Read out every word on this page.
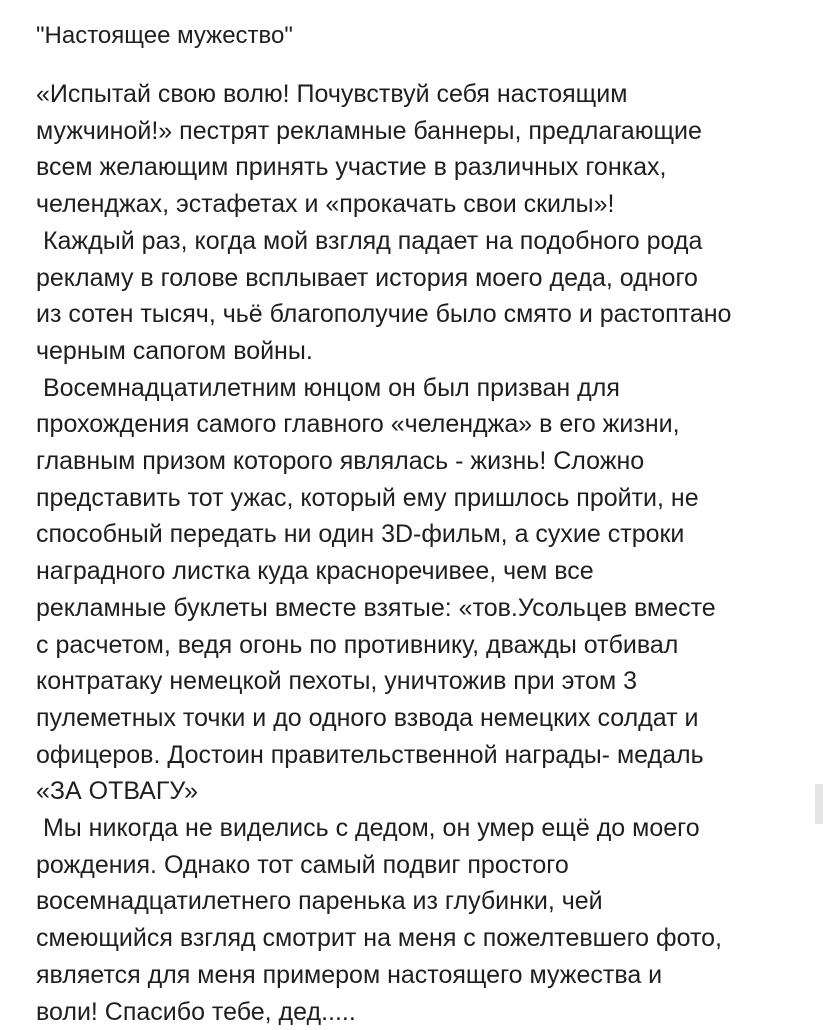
"Настоящее мужество"
«Испытай свою волю! Почувствуй себя настоящим
мужчиной!» пестрят рекламные баннеры, предлагающие
всем желающим принять участие в различных гонках,
челенджах, эстафетах и «прокачать свои скилы»!
Каждый раз, когда мой взгляд падает на подобного рода
рекламу в голове всплывает история моего деда, одного
из сотен тысяч, чьё благополучие было смято и растоптано
черным сапогом войны.
Восемнадцатилетним юнцом он был призван для
прохождения самого главного «челенджа» в его жизни,
главным призом которого являлась - жизнь! Сложно
представить тот ужас, который ему пришлось пройти, не
способный передать ни один 3D-фильм, а сухие строки
наградного листка куда красноречивее, чем все
рекламные буклеты вместе взятые: «тов.Усольцев вместе
с расчетом, ведя огонь по противнику, дважды отбивал
контратаку немецкой пехоты, уничтожив при этом 3
пулеметных точки и до одного взвода немецких солдат и
офицеров. Достоин правительственной награды- медаль
«ЗА ОТВАГУ»
Мы никогда не виделись с дедом, он умер ещё до моего
рождения. Однако тот самый подвиг простого
восемнадцатилетнего паренька из глубинки, чей
смеющийся взгляд смотрит на меня с пожелтевшего фото,
является для меня примером настоящего мужества и
воли! Спасибо тебе, дед.....
